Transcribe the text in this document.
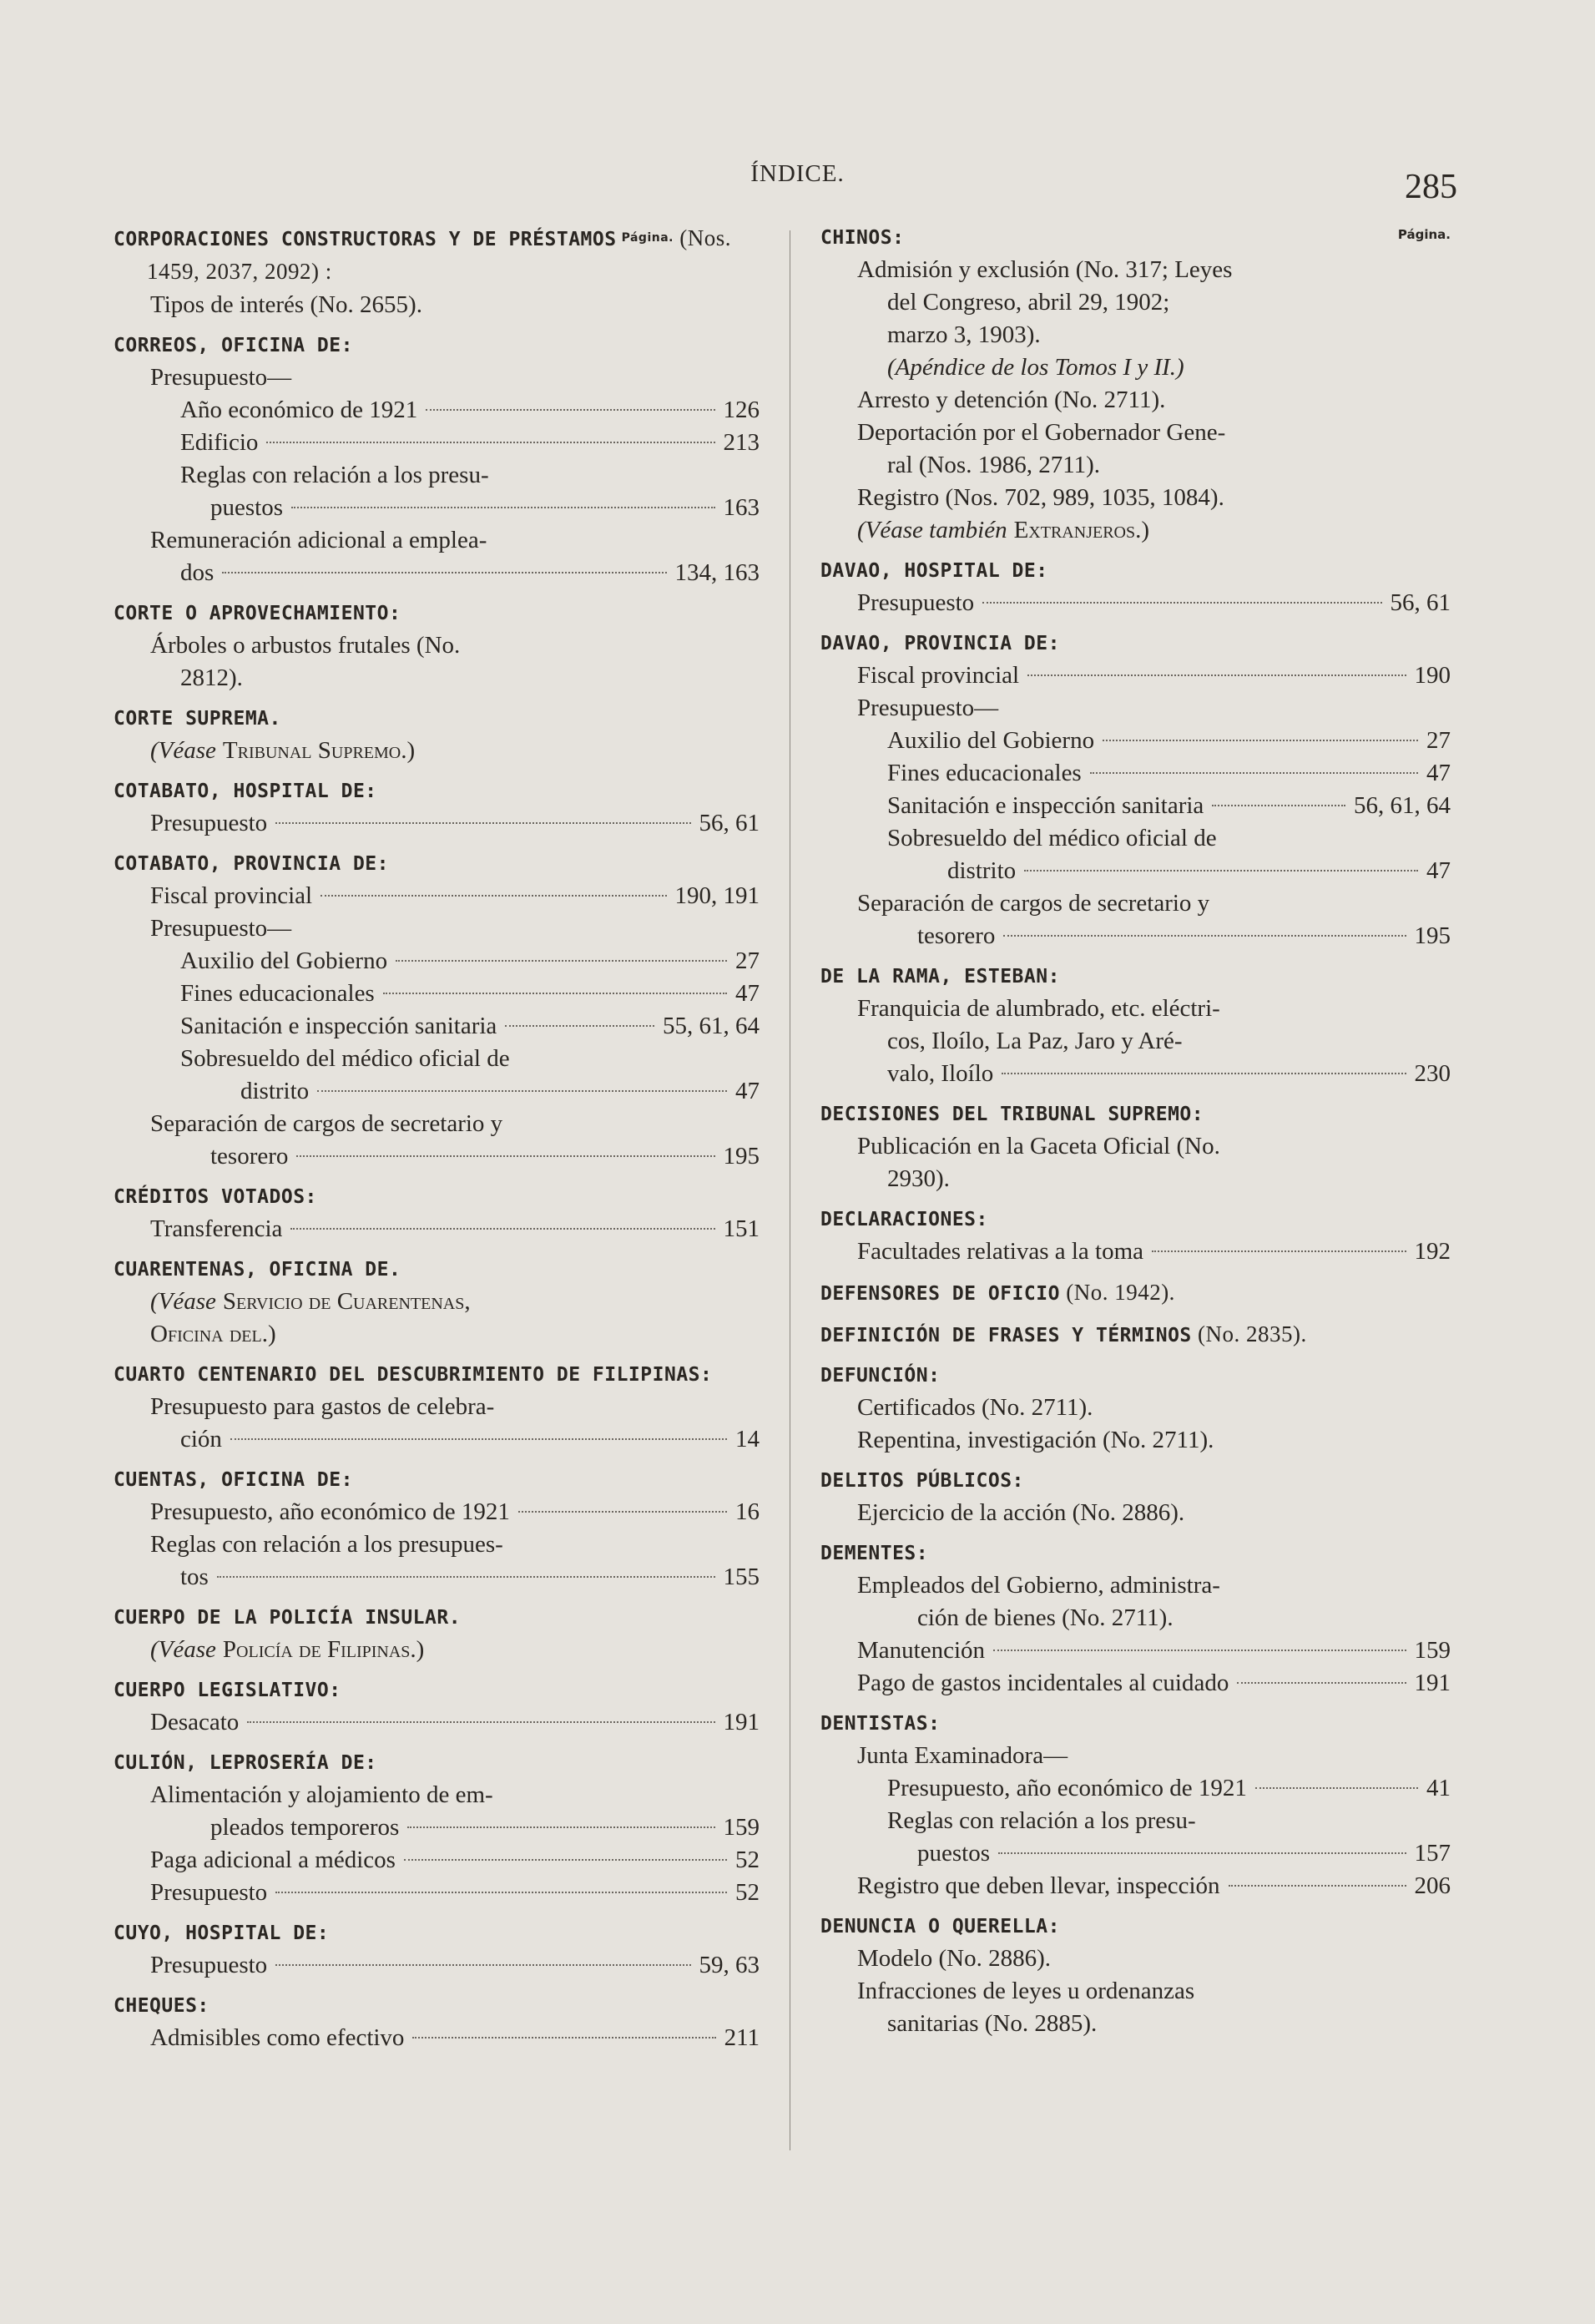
ÍNDICE.	285
CORPORACIONES CONSTRUCTORAS Y DE PRÉSTAMOS $^{Página.}$ (Nos. 1459, 2037, 2092) :
Tipos de interés (No. 2655).
CORREOS, OFICINA DE:
Presupuesto—
Año económico de 1921	126
Edificio	213
Reglas con relación a los presu-
puestos	163
Remuneración adicional a emplea-
dos	134, 163
CORTE O APROVECHAMIENTO:
Árboles o arbustos frutales (No.
2812).
CORTE SUPREMA.
(Véase Tribunal Supremo.)
COTABATO, HOSPITAL DE:
Presupuesto	56, 61
COTABATO, PROVINCIA DE:
Fiscal provincial	190, 191
Presupuesto—
Auxilio del Gobierno	27
Fines educacionales	47
Sanitación e inspección sanitaria	55, 61, 64
Sobresueldo del médico oficial de
distrito	47
Separación de cargos de secretario y
tesorero	195
CRÉDITOS VOTADOS:
Transferencia	151
CUARENTENAS, OFICINA DE.
(Véase Servicio de Cuarentenas,
Oficina del.)
CUARTO CENTENARIO DEL DESCUBRIMIENTO DE FILIPINAS:
Presupuesto para gastos de celebra-
ción	14
CUENTAS, OFICINA DE:
Presupuesto, año económico de 1921	16
Reglas con relación a los presupues-
tos	155
CUERPO DE LA POLICÍA INSULAR.
(Véase Policía de Filipinas.)
CUERPO LEGISLATIVO:
Desacato	191
CULIÓN, LEPROSERÍA DE:
Alimentación y alojamiento de em-
pleados temporeros	159
Paga adicional a médicos	52
Presupuesto	52
CUYO, HOSPITAL DE:
Presupuesto	59, 63
CHEQUES:
Admisibles como efectivo	211
Página.
CHINOS:
Admisión y exclusión (No. 317; Leyes
del Congreso, abril 29, 1902;
marzo 3, 1903).
(Apéndice de los Tomos I y II.)
Arresto y detención (No. 2711).
Deportación por el Gobernador Gene-
ral (Nos. 1986, 2711).
Registro (Nos. 702, 989, 1035, 1084).
(Véase también Extranjeros.)
DAVAO, HOSPITAL DE:
Presupuesto	56, 61
DAVAO, PROVINCIA DE:
Fiscal provincial	190
Presupuesto—
Auxilio del Gobierno	27
Fines educacionales	47
Sanitación e inspección sanitaria	56, 61, 64
Sobresueldo del médico oficial de
distrito	47
Separación de cargos de secretario y
tesorero	195
DE LA RAMA, ESTEBAN:
Franquicia de alumbrado, etc. eléctri-
cos, Iloílo, La Paz, Jaro y Aré-
valo, Iloílo	230
DECISIONES DEL TRIBUNAL SUPREMO:
Publicación en la Gaceta Oficial (No.
2930).
DECLARACIONES:
Facultades relativas a la toma	192
DEFENSORES DE OFICIO (No. 1942).
DEFINICIÓN DE FRASES Y TÉRMINOS (No. 2835).
DEFUNCIÓN:
Certificados (No. 2711).
Repentina, investigación (No. 2711).
DELITOS PÚBLICOS:
Ejercicio de la acción (No. 2886).
DEMENTES:
Empleados del Gobierno, administra-
ción de bienes (No. 2711).
Manutención	159
Pago de gastos incidentales al cuidado	191
DENTISTAS:
Junta Examinadora—
Presupuesto, año económico de 1921	41
Reglas con relación a los presu-
puestos	157
Registro que deben llevar, inspección	206
DENUNCIA O QUERELLA:
Modelo (No. 2886).
Infracciones de leyes u ordenanzas
sanitarias (No. 2885).
